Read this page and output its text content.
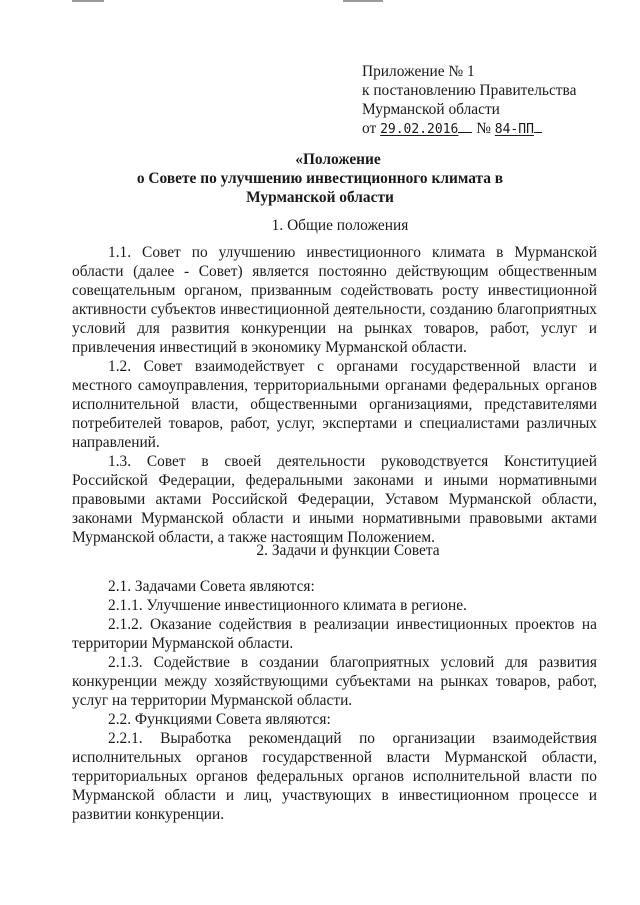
Приложение № 1
к постановлению Правительства
Мурманской области
от 29.02.2016 № 84-ПП
«Положение
о Совете по улучшению инвестиционного климата в
Мурманской области
1. Общие положения

1.1. Совет по улучшению инвестиционного климата в Мурманской области (далее - Совет) является постоянно действующим общественным совещательным органом, призванным содействовать росту инвестиционной активности субъектов инвестиционной деятельности, созданию благоприятных условий для развития конкуренции на рынках товаров, работ, услуг и привлечения инвестиций в экономику Мурманской области.

1.2. Совет взаимодействует с органами государственной власти и местного самоуправления, территориальными органами федеральных органов исполнительной власти, общественными организациями, представителями потребителей товаров, работ, услуг, экспертами и специалистами различных направлений.

1.3. Совет в своей деятельности руководствуется Конституцией Российской Федерации, федеральными законами и иными нормативными правовыми актами Российской Федерации, Уставом Мурманской области, законами Мурманской области и иными нормативными правовыми актами Мурманской области, а также настоящим Положением.

2. Задачи и функции Совета

2.1. Задачами Совета являются:

2.1.1. Улучшение инвестиционного климата в регионе.

2.1.2. Оказание содействия в реализации инвестиционных проектов на территории Мурманской области.

2.1.3. Содействие в создании благоприятных условий для развития конкуренции между хозяйствующими субъектами на рынках товаров, работ, услуг на территории Мурманской области.

2.2. Функциями Совета являются:

2.2.1. Выработка рекомендаций по организации взаимодействия исполнительных органов государственной власти Мурманской области, территориальных органов федеральных органов исполнительной власти по Мурманской области и лиц, участвующих в инвестиционном процессе и развитии конкуренции.
